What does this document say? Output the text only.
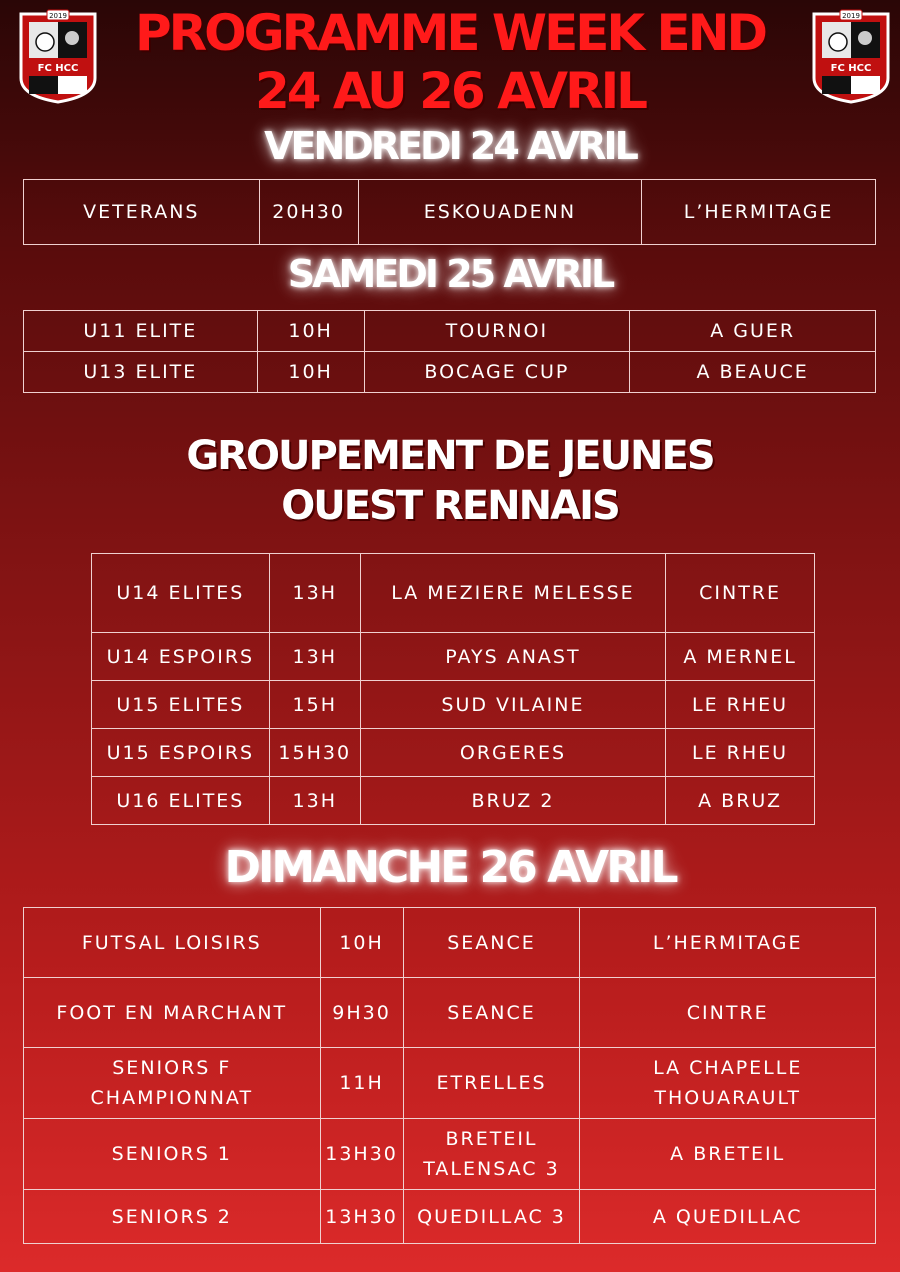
2019
FC HCC
2019
FC HCC
PROGRAMME WEEK END
24 AU 26 AVRIL
VENDREDI 24 AVRIL
VETERANS	20H30	ESKOUADENN	L’HERMITAGE
SAMEDI 25 AVRIL
U11 ELITE	10H	TOURNOI	A GUER
U13 ELITE	10H	BOCAGE CUP	A BEAUCE
GROUPEMENT DE JEUNES
OUEST RENNAIS
U14 ELITES	13H	LA MEZIERE MELESSE	CINTRE
U14 ESPOIRS	13H	PAYS ANAST	A MERNEL
U15 ELITES	15H	SUD VILAINE	LE RHEU
U15 ESPOIRS	15H30	ORGERES	LE RHEU
U16 ELITES	13H	BRUZ 2	A BRUZ
DIMANCHE 26 AVRIL
FUTSAL LOISIRS	10H	SEANCE	L’HERMITAGE
FOOT EN MARCHANT	9H30	SEANCE	CINTRE
SENIORS F CHAMPIONNAT	11H	ETRELLES	LA CHAPELLE THOUARAULT
SENIORS 1	13H30	BRETEIL TALENSAC 3	A BRETEIL
SENIORS 2	13H30	QUEDILLAC 3	A QUEDILLAC
